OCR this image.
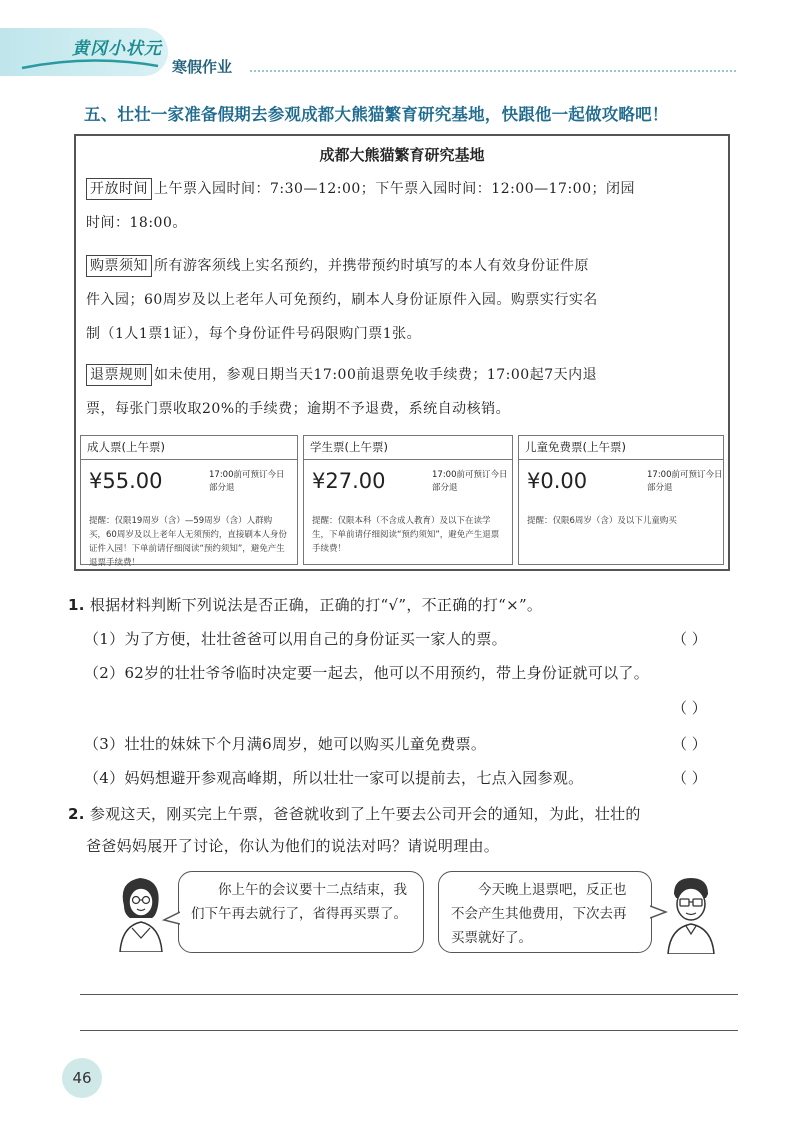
黄冈小状元
寒假作业
五、壮壮一家准备假期去参观成都大熊猫繁育研究基地，快跟他一起做攻略吧！
成都大熊猫繁育研究基地
开放时间 上午票入园时间：7:30—12:00；下午票入园时间：12:00—17:00；闭园
时间：18:00。
购票须知 所有游客须线上实名预约，并携带预约时填写的本人有效身份证件原
件入园；60周岁及以上老年人可免预约，刷本人身份证原件入园。购票实行实名
制（1人1票1证），每个身份证件号码限购门票1张。
退票规则 如未使用，参观日期当天17:00前退票免收手续费；17:00起7天内退
票，每张门票收取20%的手续费；逾期不予退费，系统自动核销。
成人票(上午票)
¥55.00	17:00前可预订今日部分退
提醒：仅限19周岁（含）—59周岁（含）人群购买，60周岁及以上老年人无须预约，直接刷本人身份证件入园！下单前请仔细阅读“预约须知”，避免产生退票手续费！
学生票(上午票)
¥27.00	17:00前可预订今日部分退
提醒：仅限本科（不含成人教育）及以下在读学生，下单前请仔细阅读“预约须知”，避免产生退票手续费！
儿童免费票(上午票)
¥0.00	17:00前可预订今日部分退
提醒：仅限6周岁（含）及以下儿童购买
1. 根据材料判断下列说法是否正确，正确的打“√”，不正确的打“×”。
（1）为了方便，壮壮爸爸可以用自己的身份证买一家人的票。	（ ）
（2）62岁的壮壮爷爷临时决定要一起去，他可以不用预约，带上身份证就可以了。
（ ）
（3）壮壮的妹妹下个月满6周岁，她可以购买儿童免费票。	（ ）
（4）妈妈想避开参观高峰期，所以壮壮一家可以提前去，七点入园参观。	（ ）
2. 参观这天，刚买完上午票，爸爸就收到了上午要去公司开会的通知，为此，壮壮的
爸爸妈妈展开了讨论，你认为他们的说法对吗？请说明理由。
你上午的会议要十二点结束，我们下午再去就行了，省得再买票了。
今天晚上退票吧，反正也不会产生其他费用，下次去再买票就好了。
46
